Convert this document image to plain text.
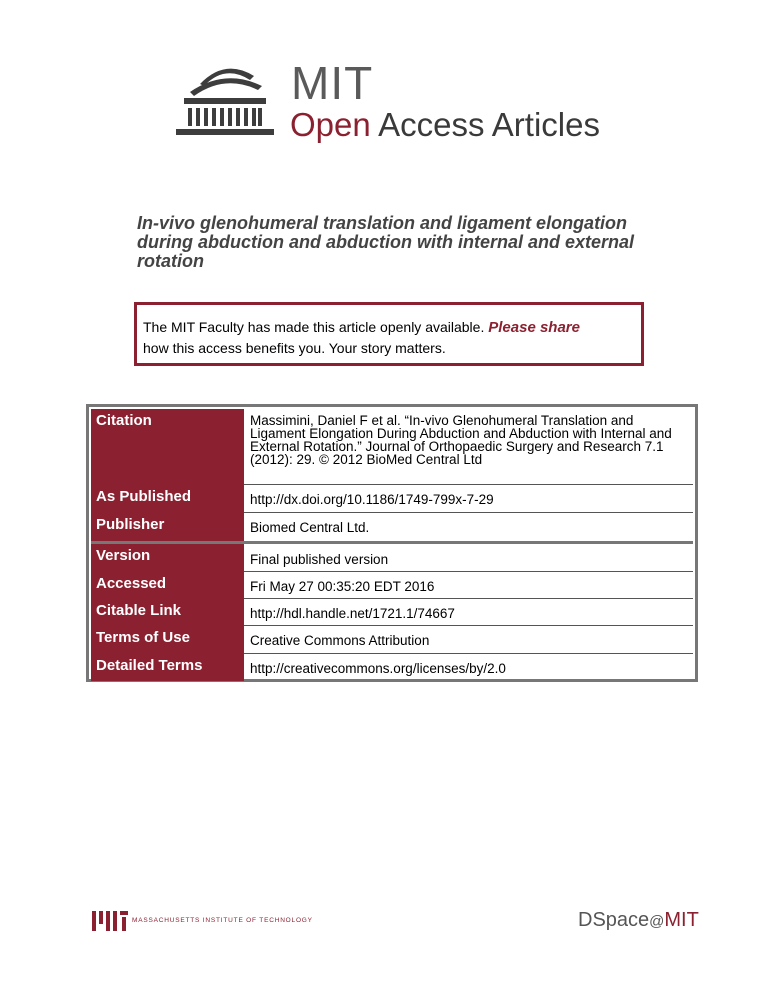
MIT
Open Access Articles
In-vivo glenohumeral translation and ligament elongation during abduction and abduction with internal and external rotation
The MIT Faculty has made this article openly available. Please share
how this access benefits you. Your story matters.
Citation	Massimini, Daniel F et al. “In-vivo Glenohumeral Translation and Ligament Elongation During Abduction and Abduction with Internal and External Rotation.” Journal of Orthopaedic Surgery and Research 7.1 (2012): 29. © 2012 BioMed Central Ltd
As Published	http://dx.doi.org/10.1186/1749-799x-7-29
Publisher	Biomed Central Ltd.
Version	Final published version
Accessed	Fri May 27 00:35:20 EDT 2016
Citable Link	http://hdl.handle.net/1721.1/74667
Terms of Use	Creative Commons Attribution
Detailed Terms	http://creativecommons.org/licenses/by/2.0
MASSACHUSETTS INSTITUTE OF TECHNOLOGY	DSpace@MIT
